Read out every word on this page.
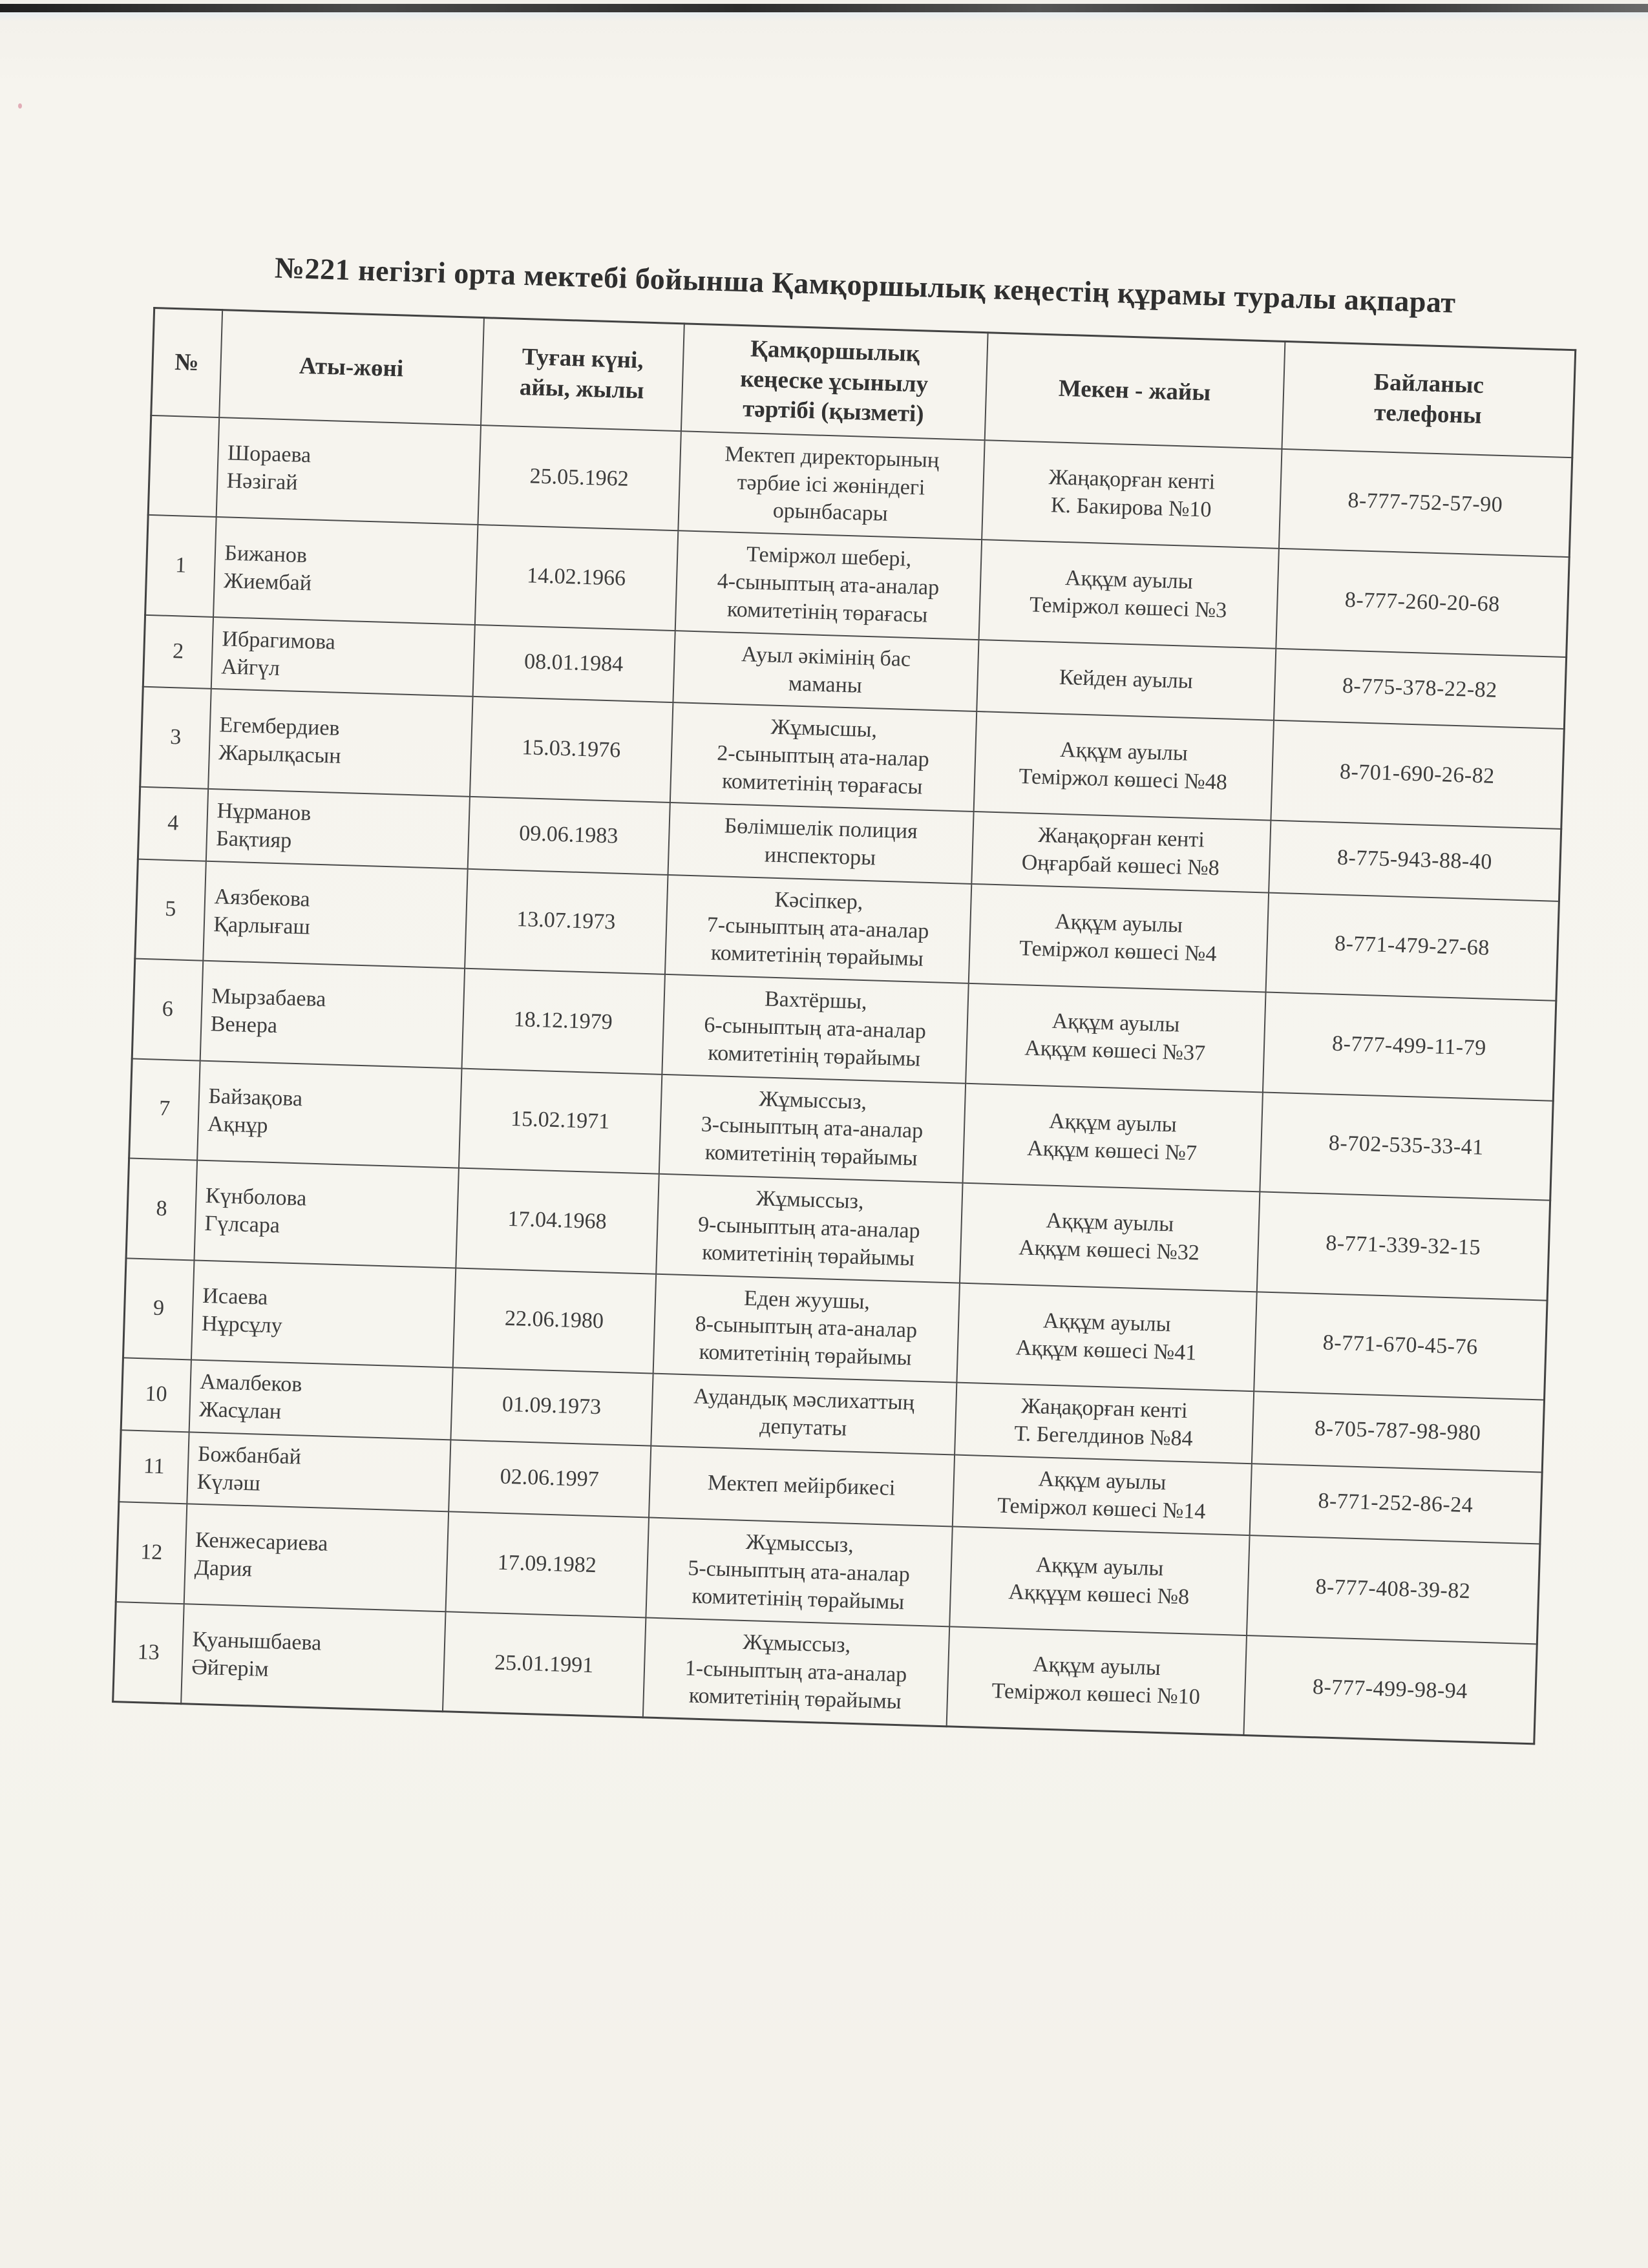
№221 негізгі орта мектебі бойынша Қамқоршылық кеңестің құрамы туралы ақпарат
№	Аты-жөні	Туған күні,
айы, жылы	Қамқоршылық
кеңеске ұсынылу
тәртібі (қызметі)	Мекен - жайы	Байланыс
телефоны
	Шораева
Нәзігай	25.05.1962	Мектеп директорының
тәрбие ісі жөніндегі
орынбасары	Жаңақорған кенті
К. Бакирова №10	8-777-752-57-90
1	Бижанов
Жиембай	14.02.1966	Теміржол шебері,
4-сыныптың ата-аналар
комитетінің төрағасы	Аққұм ауылы
Теміржол көшесі №3	8-777-260-20-68
2	Ибрагимова
Айгүл	08.01.1984	Ауыл әкімінің бас
маманы	Кейден ауылы	8-775-378-22-82
3	Егембердиев
Жарылқасын	15.03.1976	Жұмысшы,
2-сыныптың ата-налар
комитетінің төрағасы	Аққұм ауылы
Теміржол көшесі №48	8-701-690-26-82
4	Нұрманов
Бақтияр	09.06.1983	Бөлімшелік полиция
инспекторы	Жаңақорған кенті
Оңғарбай көшесі №8	8-775-943-88-40
5	Аязбекова
Қарлығаш	13.07.1973	Кәсіпкер,
7-сыныптың ата-аналар
комитетінің төрайымы	Аққұм ауылы
Теміржол көшесі №4	8-771-479-27-68
6	Мырзабаева
Венера	18.12.1979	Вахтёршы,
6-сыныптың ата-аналар
комитетінің төрайымы	Аққұм ауылы
Аққұм көшесі №37	8-777-499-11-79
7	Байзақова
Ақнұр	15.02.1971	Жұмыссыз,
3-сыныптың ата-аналар
комитетінің төрайымы	Аққұм ауылы
Аққұм көшесі №7	8-702-535-33-41
8	Күнболова
Гүлсара	17.04.1968	Жұмыссыз,
9-сыныптың ата-аналар
комитетінің төрайымы	Аққұм ауылы
Аққұм көшесі №32	8-771-339-32-15
9	Исаева
Нұрсұлу	22.06.1980	Еден жуушы,
8-сыныптың ата-аналар
комитетінің төрайымы	Аққұм ауылы
Аққұм көшесі №41	8-771-670-45-76
10	Амалбеков
Жасұлан	01.09.1973	Аудандық мәслихаттың
депутаты	Жаңақорған кенті
Т. Бегелдинов №84	8-705-787-98-980
11	Божбанбай
Күләш	02.06.1997	Мектеп мейірбикесі	Аққұм ауылы
Теміржол көшесі №14	8-771-252-86-24
12	Кенжесариева
Дария	17.09.1982	Жұмыссыз,
5-сыныптың ата-аналар
комитетінің төрайымы	Аққұм ауылы
Аққұұм көшесі №8	8-777-408-39-82
13	Қуанышбаева
Әйгерім	25.01.1991	Жұмыссыз,
1-сыныптың ата-аналар
комитетінің төрайымы	Аққұм ауылы
Теміржол көшесі №10	8-777-499-98-94
